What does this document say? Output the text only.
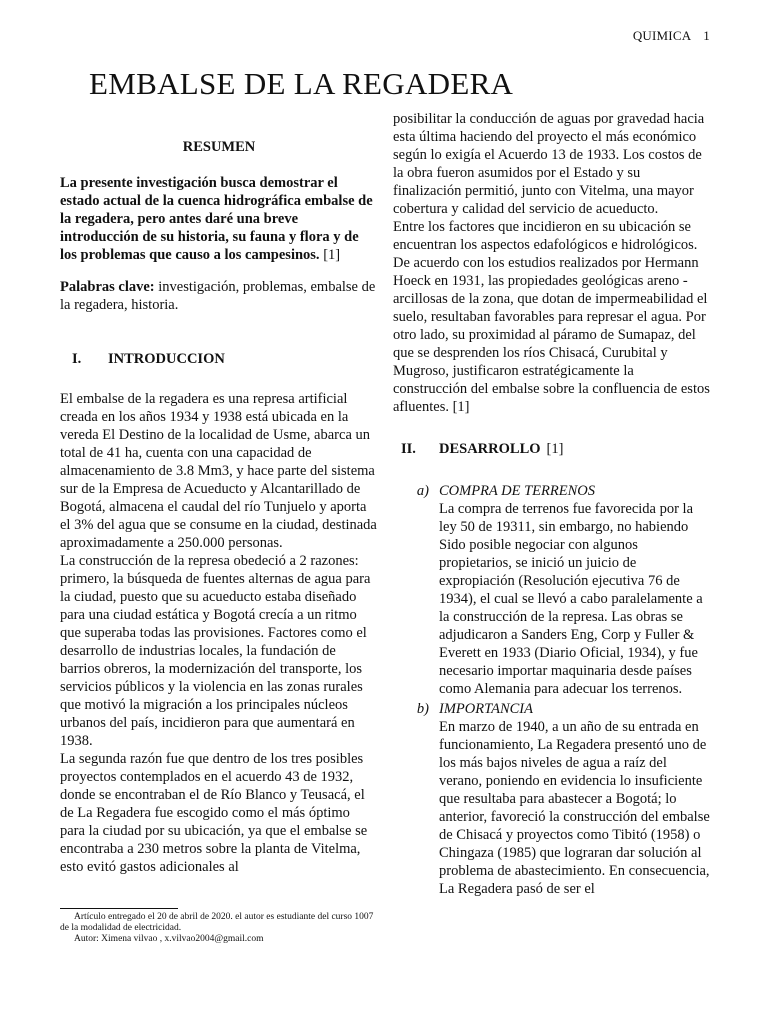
QUIMICA 1
EMBALSE DE LA REGADERA
RESUMEN

La presente investigación busca demostrar el estado actual de la cuenca hidrográfica embalse de la regadera, pero antes daré una breve introducción de su historia, su fauna y flora y de los problemas que causo a los campesinos. [1]

Palabras clave: investigación, problemas, embalse de la regadera, historia.

I.	INTRODUCCION

El embalse de la regadera es una represa artificial creada en los años 1934 y 1938 está ubicada en la vereda El Destino de la localidad de Usme, abarca un total de 41 ha, cuenta con una capacidad de almacenamiento de 3.8 Mm3, y hace parte del sistema sur de la Empresa de Acueducto y Alcantarillado de Bogotá, almacena el caudal del río Tunjuelo y aporta el 3% del agua que se consume en la ciudad, destinada aproximadamente a 250.000 personas.

La construcción de la represa obedeció a 2 razones: primero, la búsqueda de fuentes alternas de agua para la ciudad, puesto que su acueducto estaba diseñado para una ciudad estática y Bogotá crecía a un ritmo que superaba todas las provisiones. Factores como el desarrollo de industrias locales, la fundación de barrios obreros, la modernización del transporte, los servicios públicos y la violencia en las zonas rurales que motivó la migración a los principales núcleos urbanos del país, incidieron para que aumentará en 1938.

La segunda razón fue que dentro de los tres posibles proyectos contemplados en el acuerdo 43 de 1932, donde se encontraban el de Río Blanco y Teusacá, el de La Regadera fue escogido como el más óptimo para la ciudad por su ubicación, ya que el embalse se encontraba a 230 metros sobre la planta de Vitelma, esto evitó gastos adicionales al

Artículo entregado el 20 de abril de 2020. el autor es estudiante del curso 1007 de la modalidad de electricidad.

Autor: Ximena vilvao , x.vilvao2004@gmail.com

posibilitar la conducción de aguas por gravedad hacia esta última haciendo del proyecto el más económico según lo exigía el Acuerdo 13 de 1933. Los costos de la obra fueron asumidos por el Estado y su finalización permitió, junto con Vitelma, una mayor cobertura y calidad del servicio de acueducto.

Entre los factores que incidieron en su ubicación se encuentran los aspectos edafológicos e hidrológicos. De acuerdo con los estudios realizados por Hermann Hoeck en 1931, las propiedades geológicas areno - arcillosas de la zona, que dotan de impermeabilidad el suelo, resultaban favorables para represar el agua. Por otro lado, su proximidad al páramo de Sumapaz, del que se desprenden los ríos Chisacá, Curubital y Mugroso, justificaron estratégicamente la construcción del embalse sobre la confluencia de estos afluentes. [1]

II.	DESARROLLO [1]
a) COMPRA DE TERRENOS

La compra de terrenos fue favorecida por la ley 50 de 19311, sin embargo, no habiendo Sido posible negociar con algunos propietarios, se inició un juicio de expropiación (Resolución ejecutiva 76 de 1934), el cual se llevó a cabo paralelamente a la construcción de la represa. Las obras se adjudicaron a Sanders Eng, Corp y Fuller & Everett en 1933 (Diario Oficial, 1934), y fue necesario importar maquinaria desde países como Alemania para adecuar los terrenos.

b) IMPORTANCIA

En marzo de 1940, a un año de su entrada en funcionamiento, La Regadera presentó uno de los más bajos niveles de agua a raíz del verano, poniendo en evidencia lo insuficiente que resultaba para abastecer a Bogotá; lo anterior, favoreció la construcción del embalse de Chisacá y proyectos como Tibitó (1958) o Chingaza (1985) que lograran dar solución al problema de abastecimiento. En consecuencia, La Regadera pasó de ser el
